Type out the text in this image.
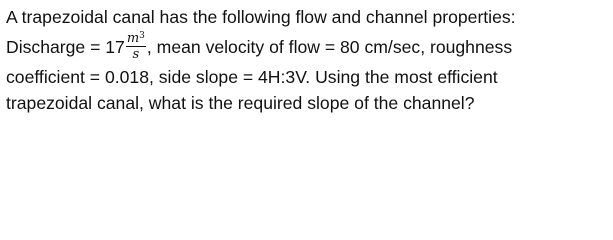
A trapezoidal canal has the following flow and channel properties:
Discharge = $17 \frac{m^3}{s}$ , mean velocity of flow = 80 cm/sec, roughness
coefficient = 0.018, side slope = 4H:3V. Using the most efficient
trapezoidal canal, what is the required slope of the channel?
